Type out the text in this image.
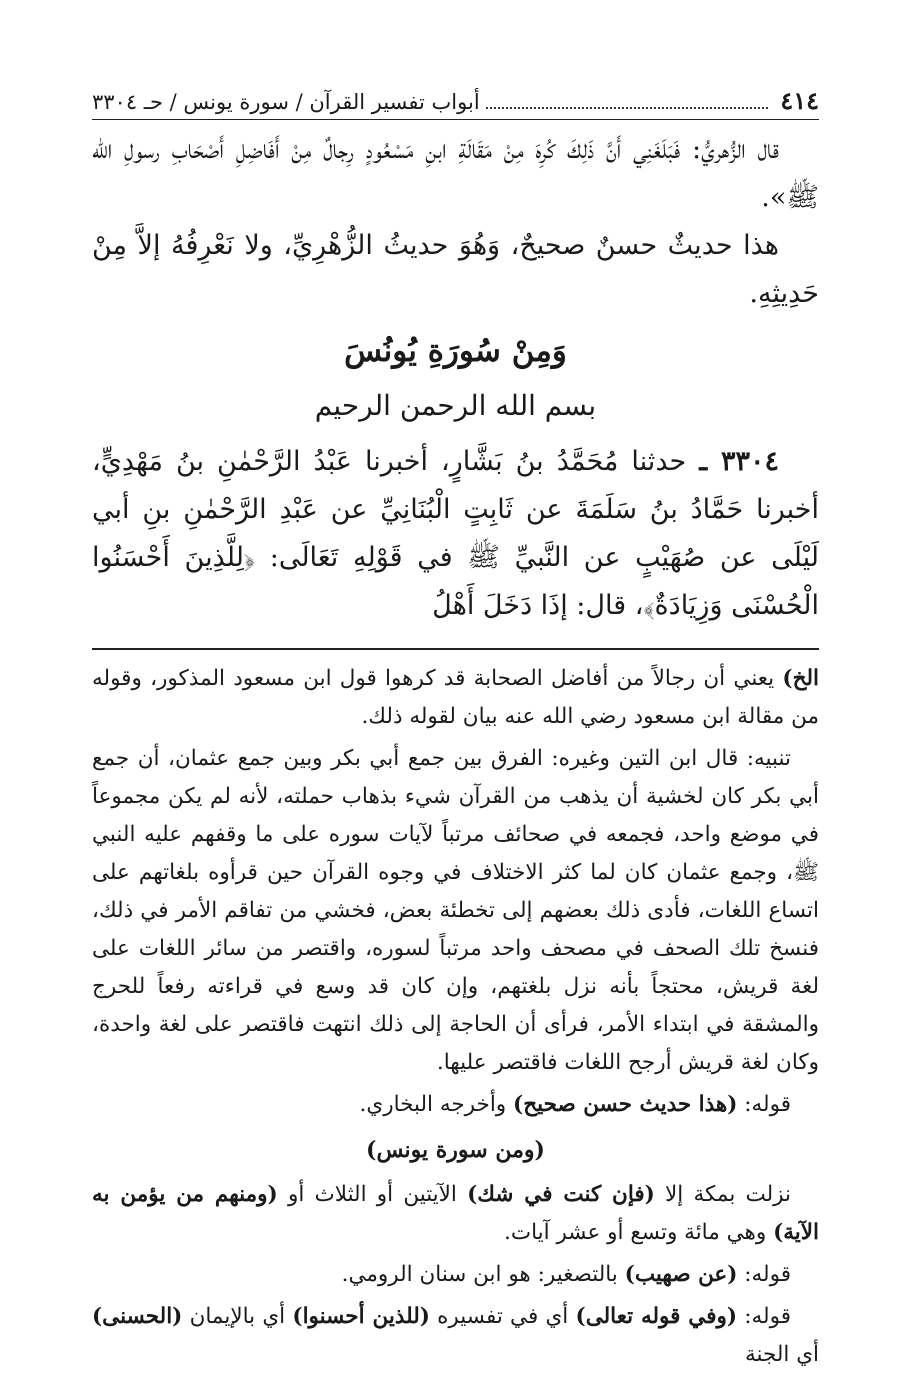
٤١٤
أبواب تفسير القرآن / سورة يونس / حـ ٣٣٠٤

قال الزُّهريُّ: فَبَلَغَنِي أَنَّ ذَلِكَ كُرِهَ مِنْ مَقَالَةِ ابنِ مَسْعُودٍ رِجالٌ مِنْ أَفَاضِلِ أَصْحَابِ رسولِ الله ﷺ».

هذا حديثٌ حسنٌ صحيحٌ، وَهُوَ حديثُ الزُّهْرِيِّ، ولا نَعْرِفُهُ إلاَّ مِنْ حَدِيثِهِ.

وَمِنْ سُورَةِ يُونُسَ
بسم الله الرحمن الرحيم

٣٣٠٤ ـ حدثنا مُحَمَّدُ بنُ بَشَّارٍ، أخبرنا عَبْدُ الرَّحْمٰنِ بنُ مَهْدِيٍّ، أخبرنا حَمَّادُ بنُ سَلَمَةَ عن ثَابِتٍ الْبُنَانِيِّ عن عَبْدِ الرَّحْمٰنِ بنِ أبي لَيْلَى عن صُهَيْبٍ عن النَّبيِّ ﷺ في قَوْلِهِ تَعَالَى: ﴿لِلَّذِينَ أَحْسَنُوا الْحُسْنَى وَزِيَادَةٌ﴾، قال: إذَا دَخَلَ أَهْلُ

الخ) يعني أن رجالاً من أفاضل الصحابة قد كرهوا قول ابن مسعود المذكور، وقوله من مقالة ابن مسعود رضي الله عنه بيان لقوله ذلك.

تنبيه: قال ابن التين وغيره: الفرق بين جمع أبي بكر وبين جمع عثمان، أن جمع أبي بكر كان لخشية أن يذهب من القرآن شيء بذهاب حملته، لأنه لم يكن مجموعاً في موضع واحد، فجمعه في صحائف مرتباً لآيات سوره على ما وقفهم عليه النبي ﷺ، وجمع عثمان كان لما كثر الاختلاف في وجوه القرآن حين قرأوه بلغاتهم على اتساع اللغات، فأدى ذلك بعضهم إلى تخطئة بعض، فخشي من تفاقم الأمر في ذلك، فنسخ تلك الصحف في مصحف واحد مرتباً لسوره، واقتصر من سائر اللغات على لغة قريش، محتجاً بأنه نزل بلغتهم، وإن كان قد وسع في قراءته رفعاً للحرج والمشقة في ابتداء الأمر، فرأى أن الحاجة إلى ذلك انتهت فاقتصر على لغة واحدة، وكان لغة قريش أرجح اللغات فاقتصر عليها.

قوله: (هذا حديث حسن صحيح) وأخرجه البخاري.

(ومن سورة يونس)

نزلت بمكة إلا (فإن كنت في شك) الآيتين أو الثلاث أو (ومنهم من يؤمن به الآية) وهي مائة وتسع أو عشر آيات.

قوله: (عن صهيب) بالتصغير: هو ابن سنان الرومي.

قوله: (وفي قوله تعالى) أي في تفسيره (للذين أحسنوا) أي بالإيمان (الحسنى) أي الجنة
